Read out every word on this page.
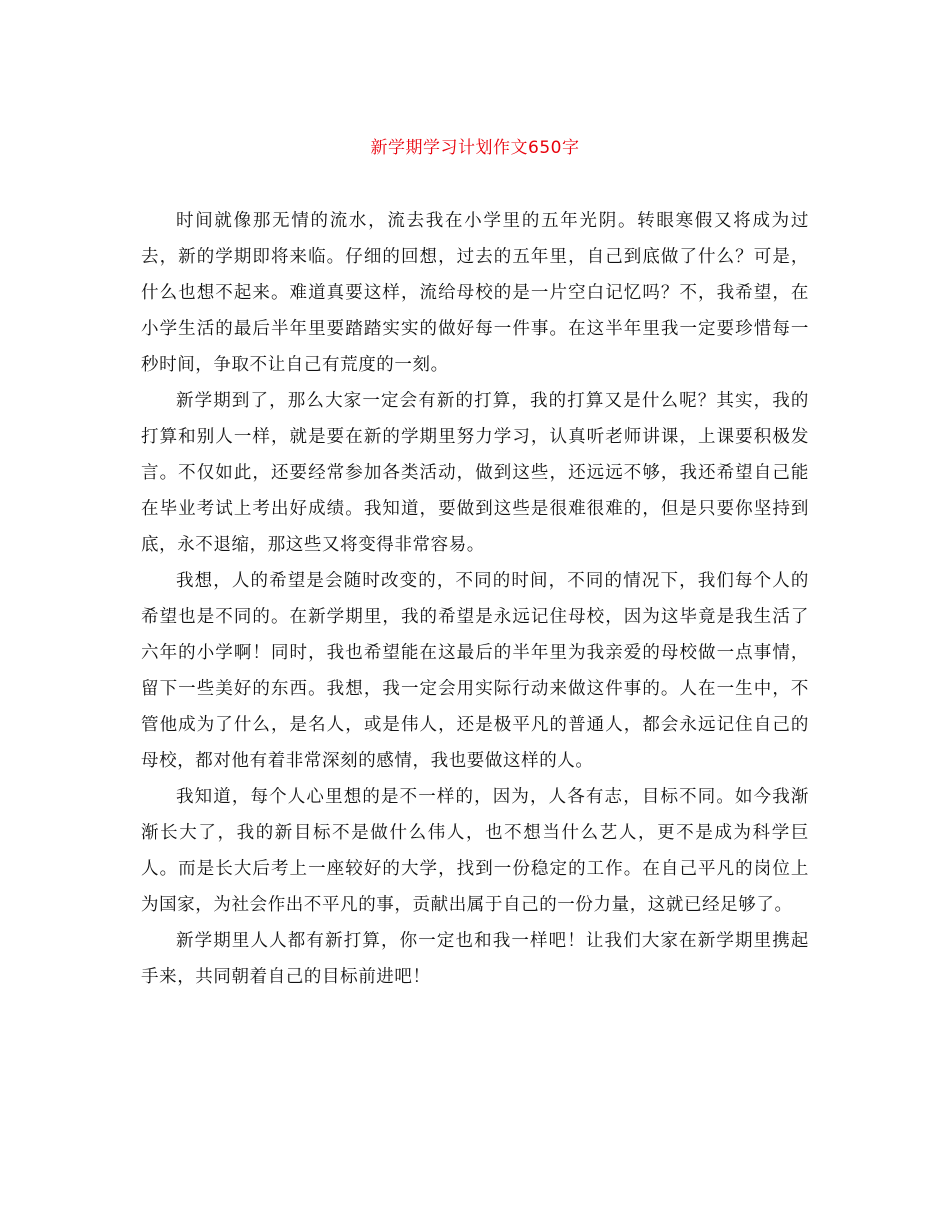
新学期学习计划作文650字

时间就像那无情的流水，流去我在小学里的五年光阴。转眼寒假又将成为过去，新的学期即将来临。仔细的回想，过去的五年里，自己到底做了什么？可是，什么也想不起来。难道真要这样，流给母校的是一片空白记忆吗？不，我希望，在小学生活的最后半年里要踏踏实实的做好每一件事。在这半年里我一定要珍惜每一秒时间，争取不让自己有荒度的一刻。

新学期到了，那么大家一定会有新的打算，我的打算又是什么呢？其实，我的打算和别人一样，就是要在新的学期里努力学习，认真听老师讲课，上课要积极发言。不仅如此，还要经常参加各类活动，做到这些，还远远不够，我还希望自己能在毕业考试上考出好成绩。我知道，要做到这些是很难很难的，但是只要你坚持到底，永不退缩，那这些又将变得非常容易。

我想，人的希望是会随时改变的，不同的时间，不同的情况下，我们每个人的希望也是不同的。在新学期里，我的希望是永远记住母校，因为这毕竟是我生活了六年的小学啊！同时，我也希望能在这最后的半年里为我亲爱的母校做一点事情，留下一些美好的东西。我想，我一定会用实际行动来做这件事的。人在一生中，不管他成为了什么，是名人，或是伟人，还是极平凡的普通人，都会永远记住自己的母校，都对他有着非常深刻的感情，我也要做这样的人。

我知道，每个人心里想的是不一样的，因为，人各有志，目标不同。如今我渐渐长大了，我的新目标不是做什么伟人，也不想当什么艺人，更不是成为科学巨人。而是长大后考上一座较好的大学，找到一份稳定的工作。在自己平凡的岗位上为国家，为社会作出不平凡的事，贡献出属于自己的一份力量，这就已经足够了。

新学期里人人都有新打算，你一定也和我一样吧！让我们大家在新学期里携起手来，共同朝着自己的目标前进吧！
